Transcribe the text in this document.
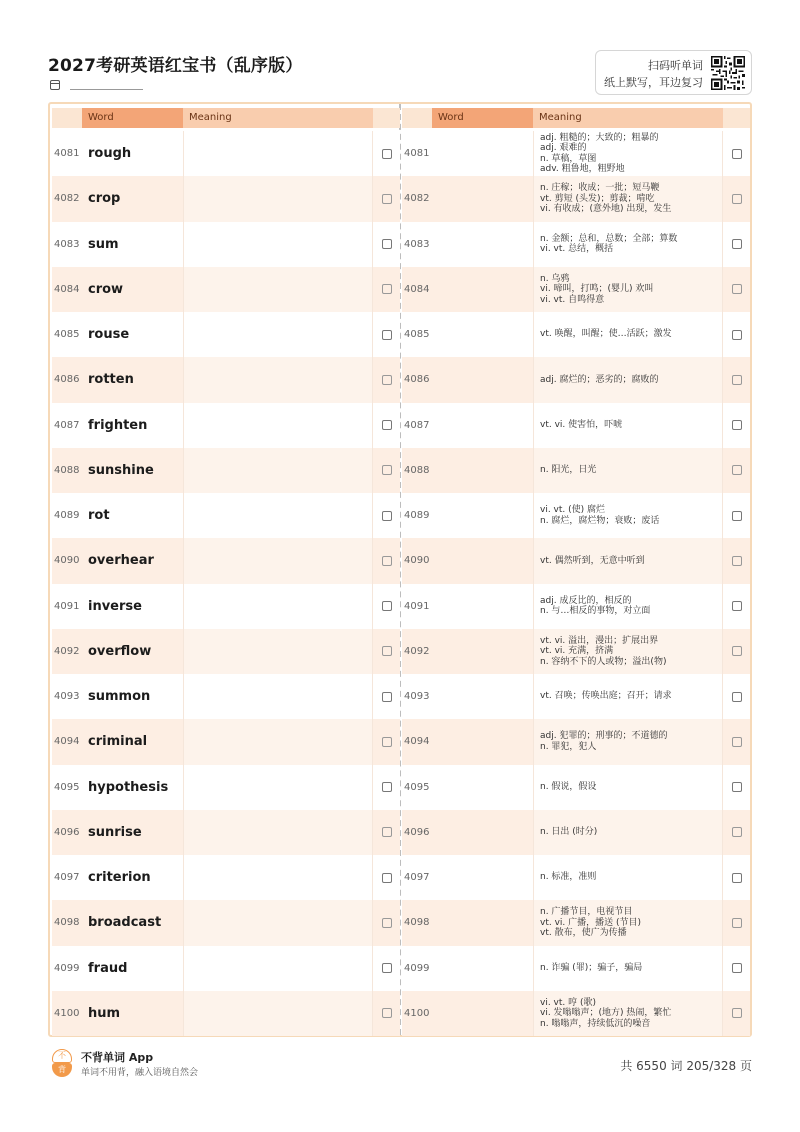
2027考研英语红宝书（乱序版）	扫码听单词
纸上默写，耳边复习
Word	Meaning
4081 rough
4082 crop
4083 sum
4084 crow
4085 rouse
4086 rotten
4087 frighten
4088 sunshine
4089 rot
4090 overhear
4091 inverse
4092 overflow
4093 summon
4094 criminal
4095 hypothesis
4096 sunrise
4097 criterion
4098 broadcast
4099 fraud
4100 hum
Word	Meaning
4081
adj. 粗糙的；大致的；粗暴的
adj. 艰难的
n. 草稿，草图
adv. 粗鲁地，粗野地
4082
n. 庄稼；收成；一批；短马鞭
vt. 剪短 (头发)；剪裁；啃吃
vi. 有收成；(意外地) 出现，发生
4083	n. 金额；总和，总数；全部；算数
vi. vt. 总结，概括
4084
n. 乌鸦
vi. 啼叫，打鸣；(婴儿) 欢叫
vi. vt. 自鸣得意
4085	vt. 唤醒，叫醒；使…活跃；激发
4086	adj. 腐烂的；恶劣的；腐败的
4087	vt. vi. 使害怕，吓唬
4088	n. 阳光，日光
4089	vi. vt. (使) 腐烂
n. 腐烂，腐烂物；衰败；废话
4090	vt. 偶然听到，无意中听到
4091	adj. 成反比的，相反的
n. 与…相反的事物，对立面
4092
vt. vi. 溢出，漫出；扩展出界
vt. vi. 充满，挤满
n. 容纳不下的人或物；溢出(物)
4093	vt. 召唤；传唤出庭；召开；请求
4094	adj. 犯罪的；刑事的；不道德的
n. 罪犯，犯人
4095	n. 假说，假设
4096	n. 日出 (时分)
4097	n. 标准，准则
4098
n. 广播节目，电视节目
vt. vi. 广播，播送 (节目)
vt. 散布，使广为传播
4099	n. 诈骗 (罪)；骗子，骗局
4100
vi. vt. 哼 (歌)
vi. 发嗡嗡声；(地方) 热闹，繁忙
n. 嗡嗡声，持续低沉的噪音
不
背
不背单词 App
单词不用背，融入语境自然会	共 6550 词 205/328 页
